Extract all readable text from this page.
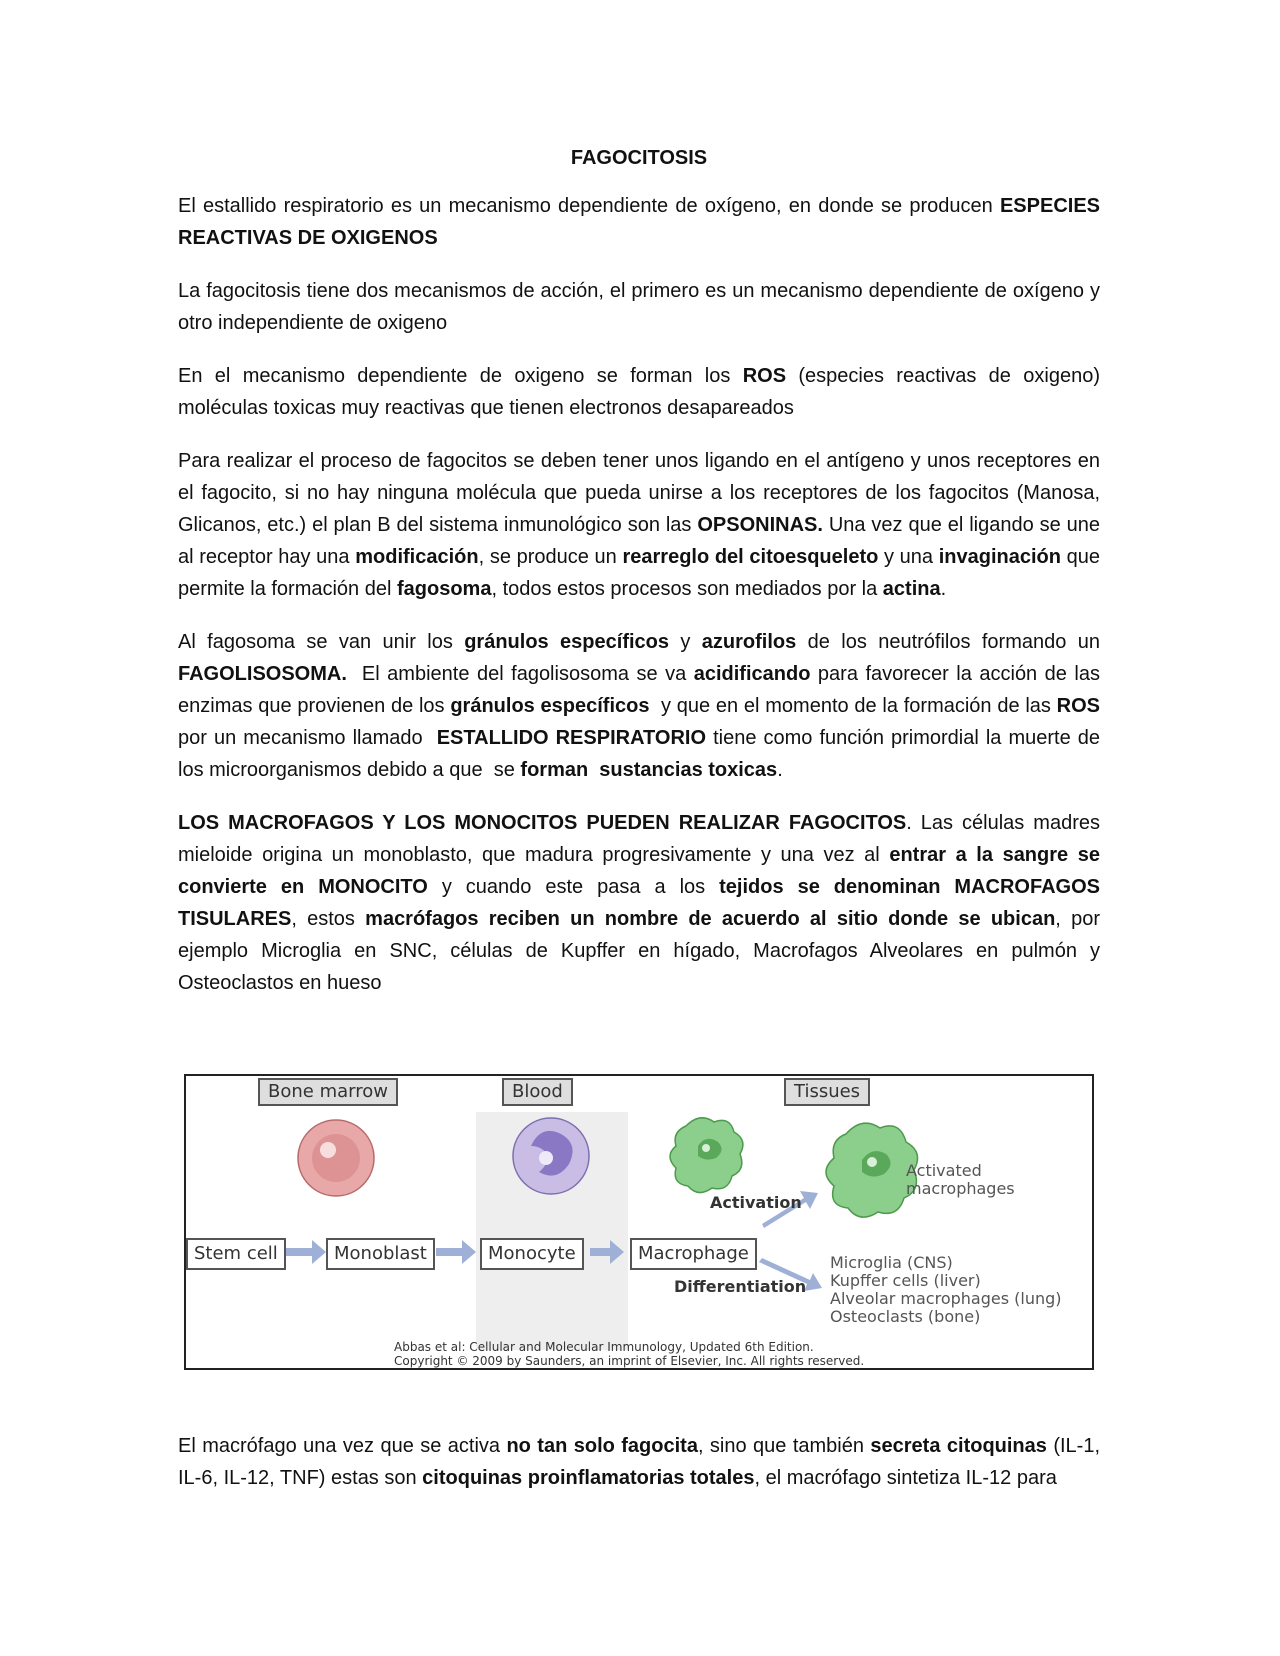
FAGOCITOSIS

El estallido respiratorio es un mecanismo dependiente de oxígeno, en donde se producen ESPECIES REACTIVAS DE OXIGENOS

La fagocitosis tiene dos mecanismos de acción, el primero es un mecanismo dependiente de oxígeno y otro independiente de oxigeno

En el mecanismo dependiente de oxigeno se forman los ROS (especies reactivas de oxigeno) moléculas toxicas muy reactivas que tienen electronos desapareados

Para realizar el proceso de fagocitos se deben tener unos ligando en el antígeno y unos receptores en el fagocito, si no hay ninguna molécula que pueda unirse a los receptores de los fagocitos (Manosa, Glicanos, etc.) el plan B del sistema inmunológico son las OPSONINAS. Una vez que el ligando se une al receptor hay una modificación, se produce un rearreglo del citoesqueleto y una invaginación que permite la formación del fagosoma, todos estos procesos son mediados por la actina.

Al fagosoma se van unir los gránulos específicos y azurofilos de los neutrófilos formando un FAGOLISOSOMA.  El ambiente del fagolisosoma se va acidificando para favorecer la acción de las enzimas que provienen de los gránulos específicos  y que en el momento de la formación de las ROS por un mecanismo llamado  ESTALLIDO RESPIRATORIO tiene como función primordial la muerte de los microorganismos debido a que  se forman  sustancias toxicas.

LOS MACROFAGOS Y LOS MONOCITOS PUEDEN REALIZAR FAGOCITOS. Las células madres mieloide origina un monoblasto, que madura progresivamente y una vez al entrar a la sangre se convierte en MONOCITO y cuando este pasa a los tejidos se denominan MACROFAGOS TISULARES, estos macrófagos reciben un nombre de acuerdo al sitio donde se ubican, por ejemplo Microglia en SNC, células de Kupffer en hígado, Macrofagos Alveolares en pulmón y Osteoclastos en hueso

Bone marrow	Blood	Tissues
Stem cell	Monoblast	Monocyte	Macrophage
Activation
Differentiation
Activated
macrophages
Microglia (CNS)
Kupffer cells (liver)
Alveolar macrophages (lung)
Osteoclasts (bone)
Abbas et al: Cellular and Molecular Immunology, Updated 6th Edition.
Copyright © 2009 by Saunders, an imprint of Elsevier, Inc. All rights reserved.

El macrófago una vez que se activa no tan solo fagocita, sino que también secreta citoquinas (IL-1, IL-6, IL-12, TNF) estas son citoquinas proinflamatorias totales, el macrófago sintetiza IL-12 para
